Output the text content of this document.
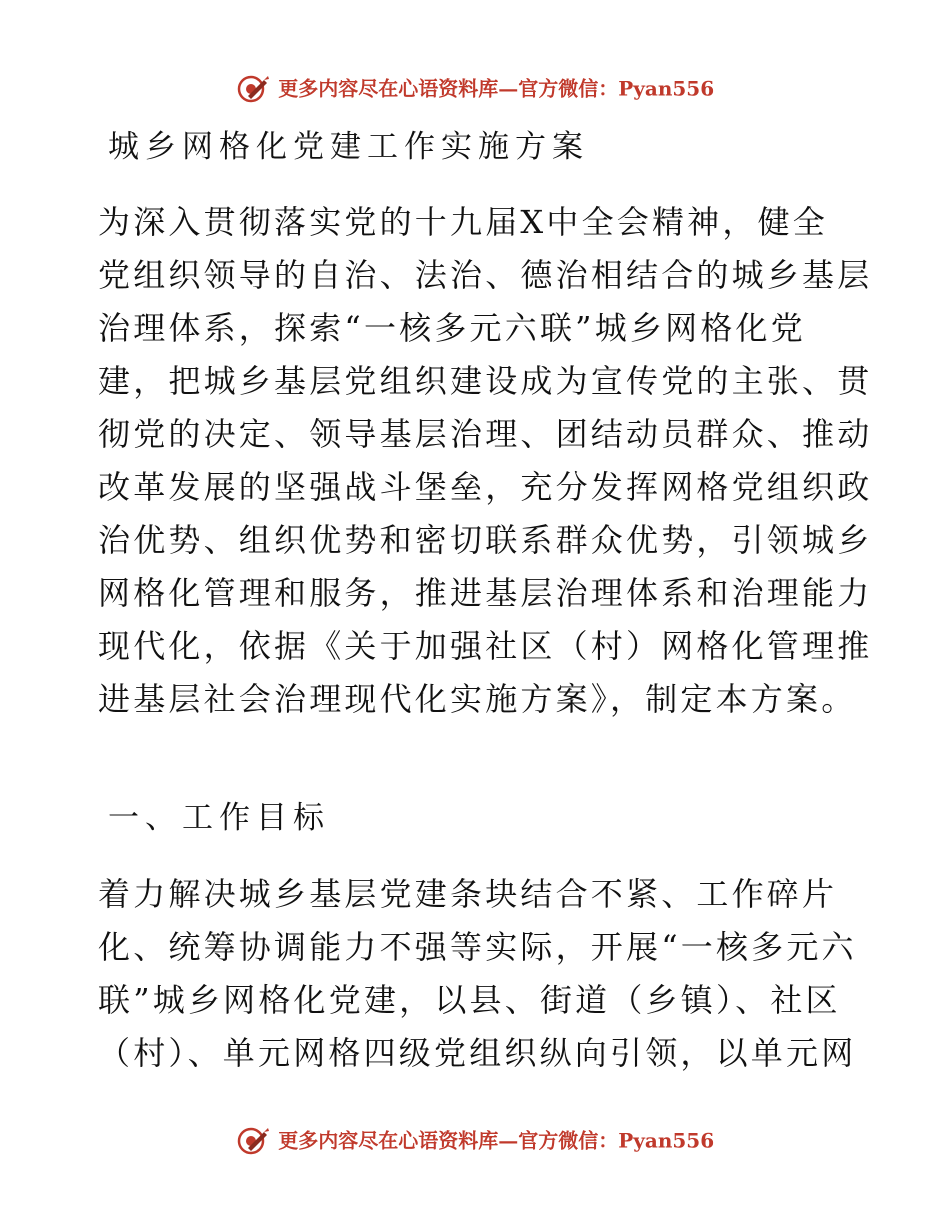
更多内容尽在心语资料库—官方微信：Pyan556
城乡网格化党建工作实施方案
为深入贯彻落实党的十九届X中全会精神，健全
党组织领导的自治、法治、德治相结合的城乡基层
治理体系，探索“一核多元六联”城乡网格化党
建，把城乡基层党组织建设成为宣传党的主张、贯
彻党的决定、领导基层治理、团结动员群众、推动
改革发展的坚强战斗堡垒，充分发挥网格党组织政
治优势、组织优势和密切联系群众优势，引领城乡
网格化管理和服务，推进基层治理体系和治理能力
现代化，依据《关于加强社区（村）网格化管理推
进基层社会治理现代化实施方案》，制定本方案。
一、工作目标
着力解决城乡基层党建条块结合不紧、工作碎片
化、统筹协调能力不强等实际，开展“一核多元六
联”城乡网格化党建，以县、街道（乡镇）、社区
（村）、单元网格四级党组织纵向引领，以单元网
更多内容尽在心语资料库—官方微信：Pyan556
